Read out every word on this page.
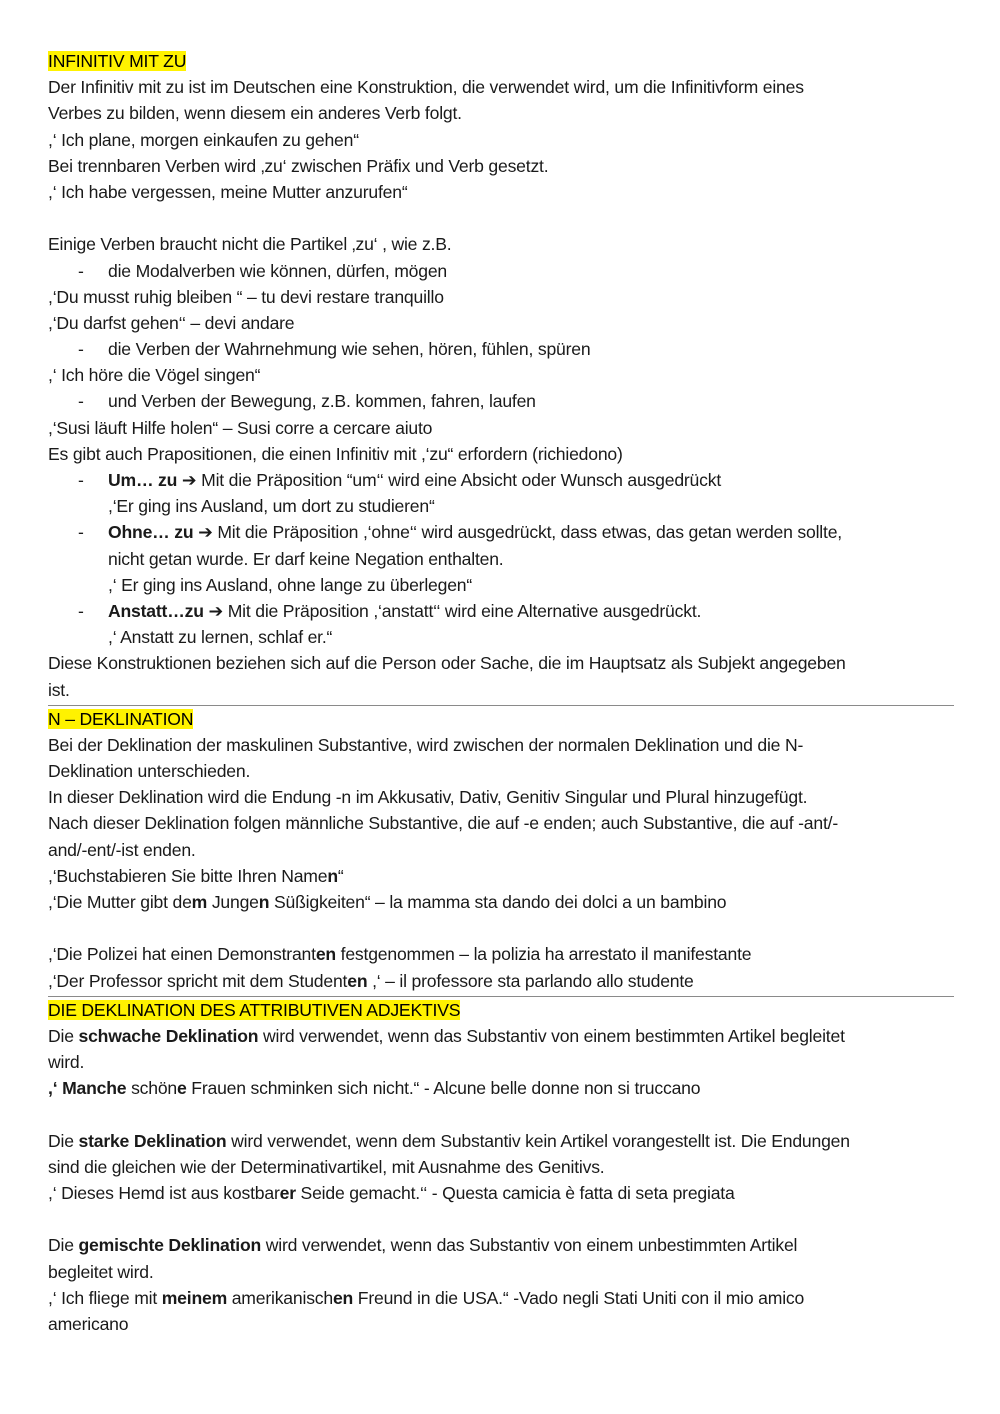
INFINITIV MIT ZU
Der Infinitiv mit zu ist im Deutschen eine Konstruktion, die verwendet wird, um die Infinitivform eines
Verbes zu bilden, wenn diesem ein anderes Verb folgt.
,‘ Ich plane, morgen einkaufen zu gehen“
Bei trennbaren Verben wird ‚zu‘ zwischen Präfix und Verb gesetzt.
,‘ Ich habe vergessen, meine Mutter anzurufen“
Einige Verben braucht nicht die Partikel ‚zu‘ , wie z.B.
- die Modalverben wie können, dürfen, mögen
,‘Du musst ruhig bleiben “ – tu devi restare tranquillo
,‘Du darfst gehen‘‘ – devi andare
- die Verben der Wahrnehmung wie sehen, hören, fühlen, spüren
,‘ Ich höre die Vögel singen“
- und Verben der Bewegung, z.B. kommen, fahren, laufen
,‘Susi läuft Hilfe holen“ – Susi corre a cercare aiuto
Es gibt auch Prapositionen, die einen Infinitiv mit ,‘zu“ erfordern (richiedono)
- Um… zu ➔ Mit die Präposition “um‘‘ wird eine Absicht oder Wunsch ausgedrückt
,‘Er ging ins Ausland, um dort zu studieren“
- Ohne… zu ➔ Mit die Präposition ,‘ohne‘‘ wird ausgedrückt, dass etwas, das getan werden sollte,
nicht getan wurde. Er darf keine Negation enthalten.
,‘ Er ging ins Ausland, ohne lange zu überlegen“
- Anstatt…zu ➔ Mit die Präposition ,‘anstatt‘‘ wird eine Alternative ausgedrückt.
,‘ Anstatt zu lernen, schlaf er.“
Diese Konstruktionen beziehen sich auf die Person oder Sache, die im Hauptsatz als Subjekt angegeben
ist.
N – DEKLINATION
Bei der Deklination der maskulinen Substantive, wird zwischen der normalen Deklination und die N-
Deklination unterschieden.
In dieser Deklination wird die Endung -n im Akkusativ, Dativ, Genitiv Singular und Plural hinzugefügt.
Nach dieser Deklination folgen männliche Substantive, die auf -e enden; auch Substantive, die auf -ant/-
and/-ent/-ist enden.
,‘Buchstabieren Sie bitte Ihren Namen“
,‘Die Mutter gibt dem Jungen Süßigkeiten“ – la mamma sta dando dei dolci a un bambino
,‘Die Polizei hat einen Demonstranten festgenommen – la polizia ha arrestato il manifestante
,‘Der Professor spricht mit dem Studenten ,‘ – il professore sta parlando allo studente
DIE DEKLINATION DES ATTRIBUTIVEN ADJEKTIVS
Die schwache Deklination wird verwendet, wenn das Substantiv von einem bestimmten Artikel begleitet
wird.
,‘ Manche schöne Frauen schminken sich nicht.“ - Alcune belle donne non si truccano
Die starke Deklination wird verwendet, wenn dem Substantiv kein Artikel vorangestellt ist. Die Endungen
sind die gleichen wie der Determinativartikel, mit Ausnahme des Genitivs.
,‘ Dieses Hemd ist aus kostbarer Seide gemacht.‘‘ - Questa camicia è fatta di seta pregiata
Die gemischte Deklination wird verwendet, wenn das Substantiv von einem unbestimmten Artikel
begleitet wird.
,‘ Ich fliege mit meinem amerikanischen Freund in die USA.“ -Vado negli Stati Uniti con il mio amico
americano
